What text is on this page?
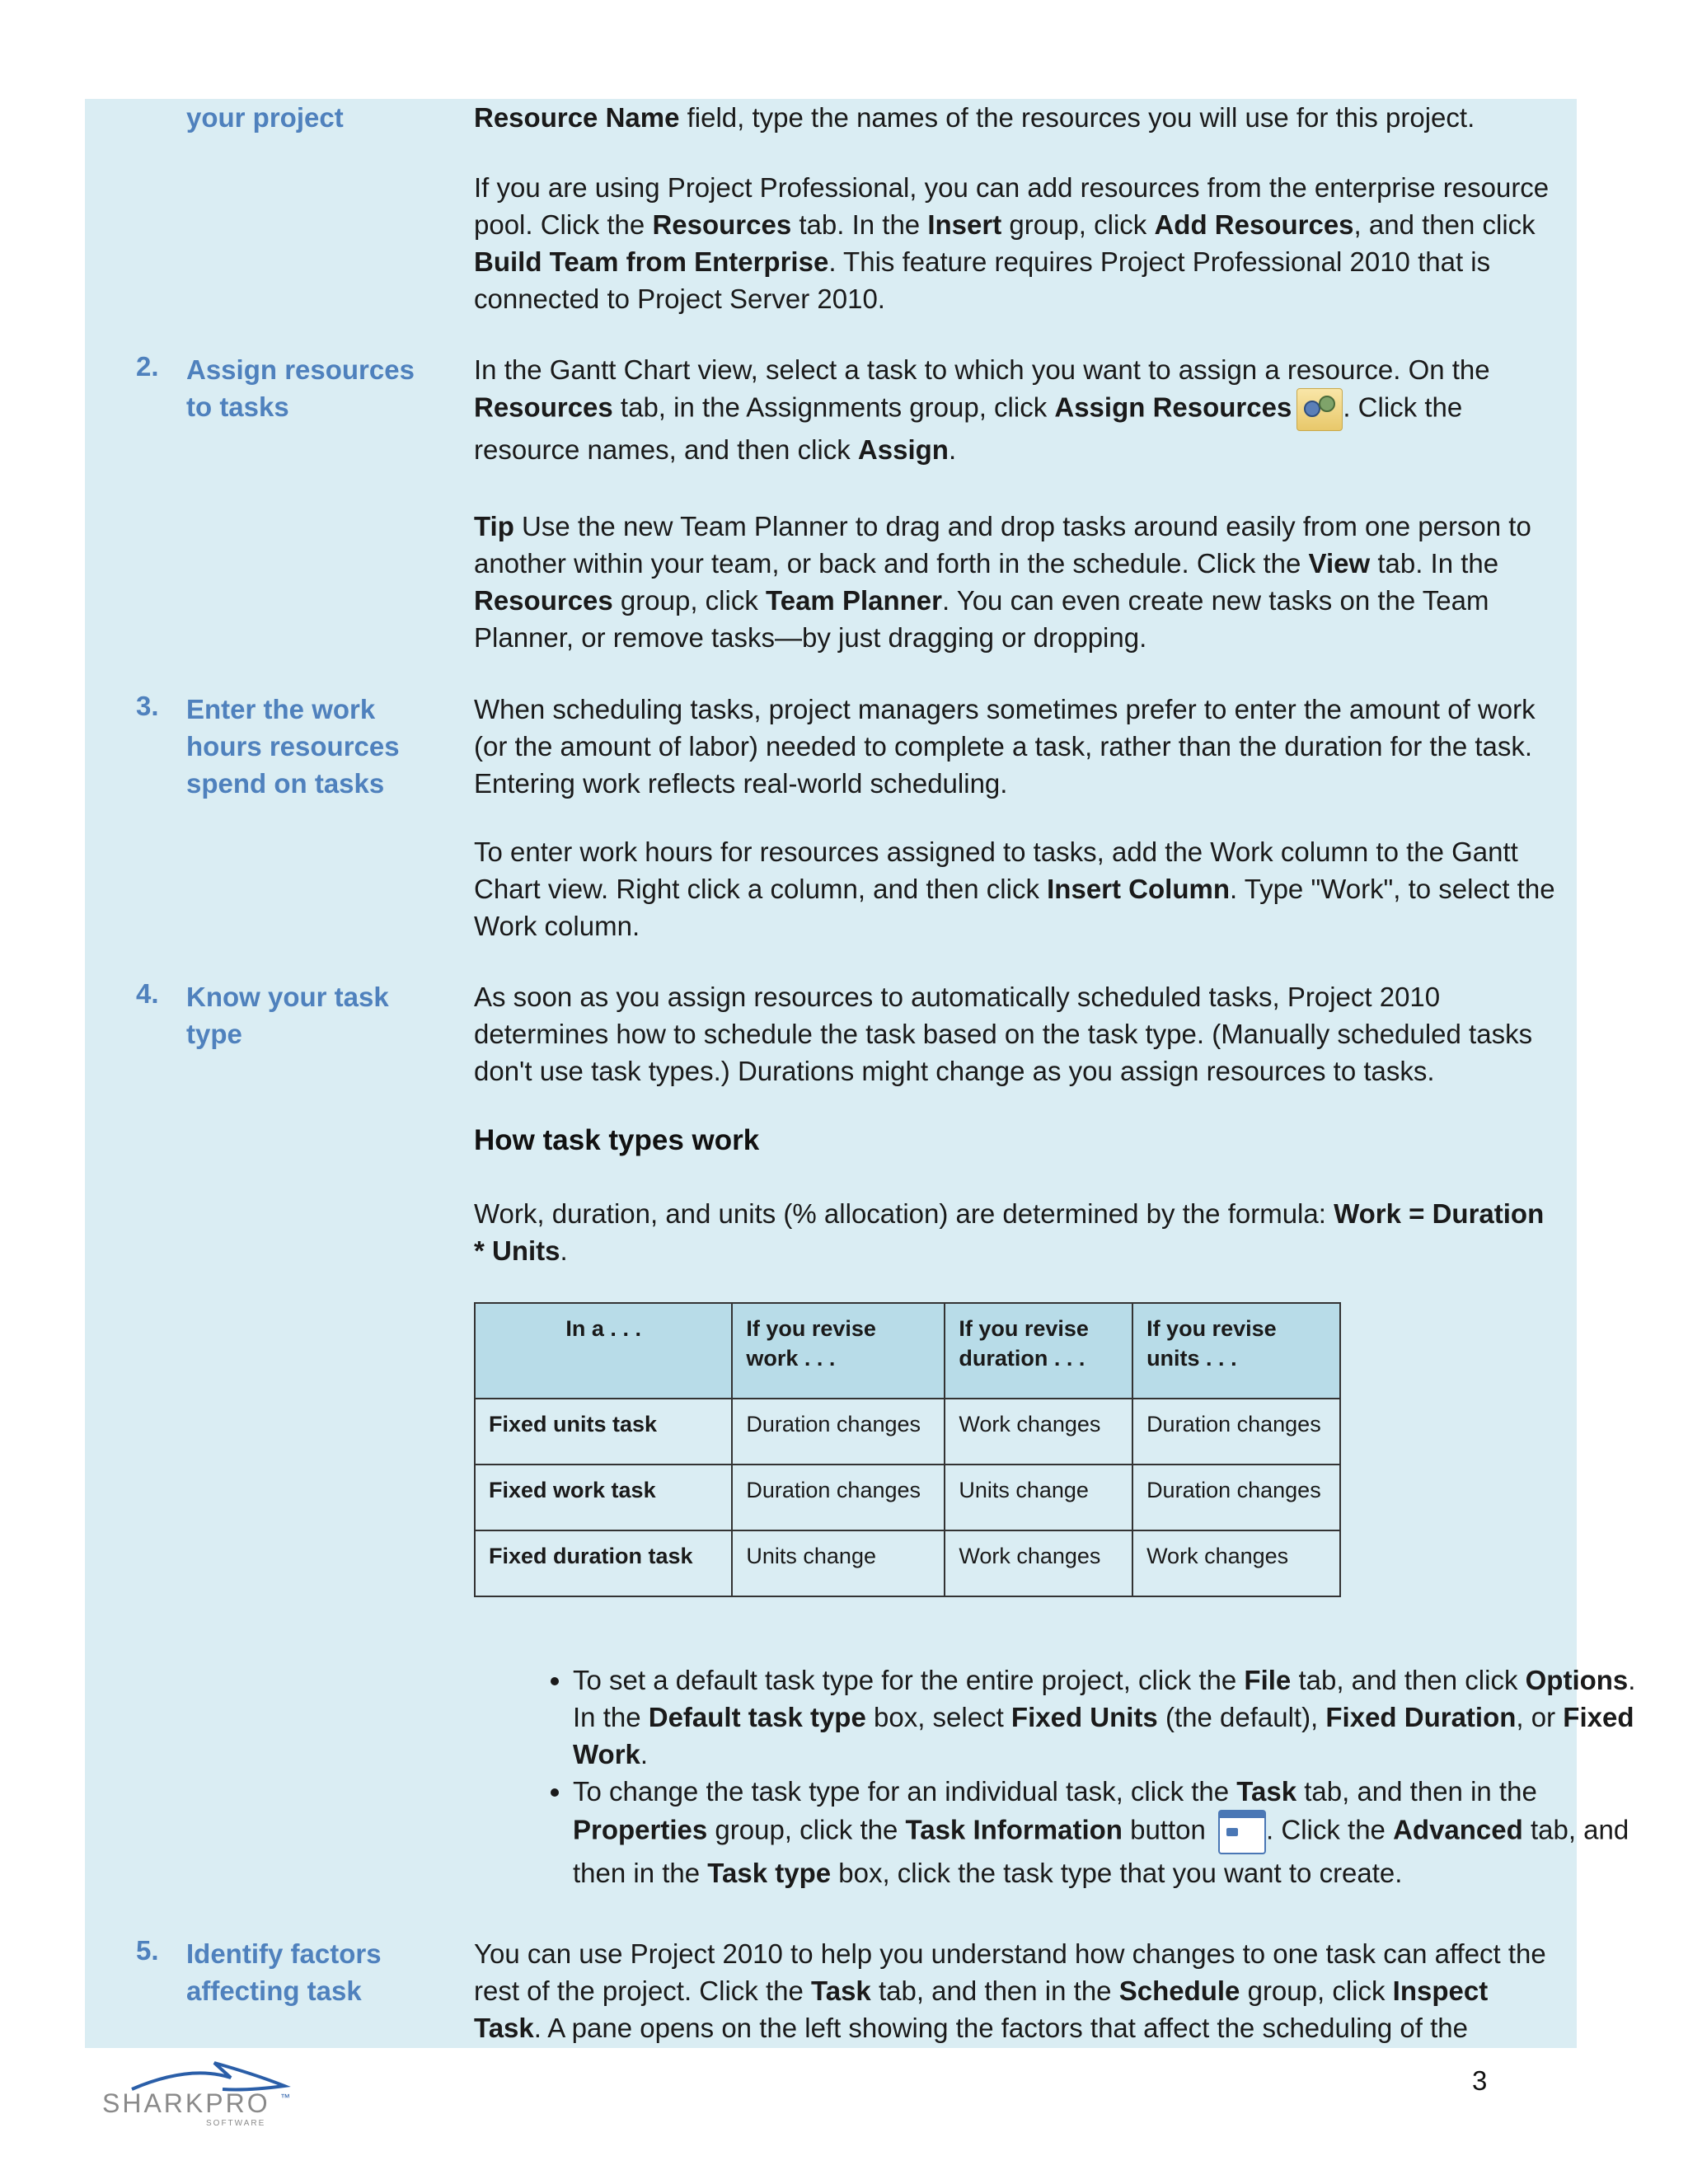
your project	Resource Name field, type the names of the resources you will use for this project.
If you are using Project Professional, you can add resources from the enterprise resource pool. Click the Resources tab. In the Insert group, click Add Resources, and then click Build Team from Enterprise. This feature requires Project Professional 2010 that is connected to Project Server 2010.
2. Assign resources to tasks
In the Gantt Chart view, select a task to which you want to assign a resource. On the Resources tab, in the Assignments group, click Assign Resources . Click the resource names, and then click Assign.
Tip Use the new Team Planner to drag and drop tasks around easily from one person to another within your team, or back and forth in the schedule. Click the View tab. In the Resources group, click Team Planner. You can even create new tasks on the Team Planner, or remove tasks—by just dragging or dropping.
3. Enter the work hours resources spend on tasks
When scheduling tasks, project managers sometimes prefer to enter the amount of work (or the amount of labor) needed to complete a task, rather than the duration for the task. Entering work reflects real-world scheduling.
To enter work hours for resources assigned to tasks, add the Work column to the Gantt Chart view. Right click a column, and then click Insert Column. Type "Work", to select the Work column.
4. Know your task type
As soon as you assign resources to automatically scheduled tasks, Project 2010 determines how to schedule the task based on the task type. (Manually scheduled tasks don't use task types.) Durations might change as you assign resources to tasks.
How task types work
Work, duration, and units (% allocation) are determined by the formula: Work = Duration * Units.
In a . . .	If you revise work . . .	If you revise duration . . .	If you revise units . . .
Fixed units task	Duration changes	Work changes	Duration changes
Fixed work task	Duration changes	Units change	Duration changes
Fixed duration task	Units change	Work changes	Work changes
• To set a default task type for the entire project, click the File tab, and then click Options. In the Default task type box, select Fixed Units (the default), Fixed Duration, or Fixed Work.
• To change the task type for an individual task, click the Task tab, and then in the Properties group, click the Task Information button . Click the Advanced tab, and then in the Task type box, click the task type that you want to create.
5. Identify factors affecting task
You can use Project 2010 to help you understand how changes to one task can affect the rest of the project. Click the Task tab, and then in the Schedule group, click Inspect Task. A pane opens on the left showing the factors that affect the scheduling of the
SHARKPRO ™
SOFTWARE
3
